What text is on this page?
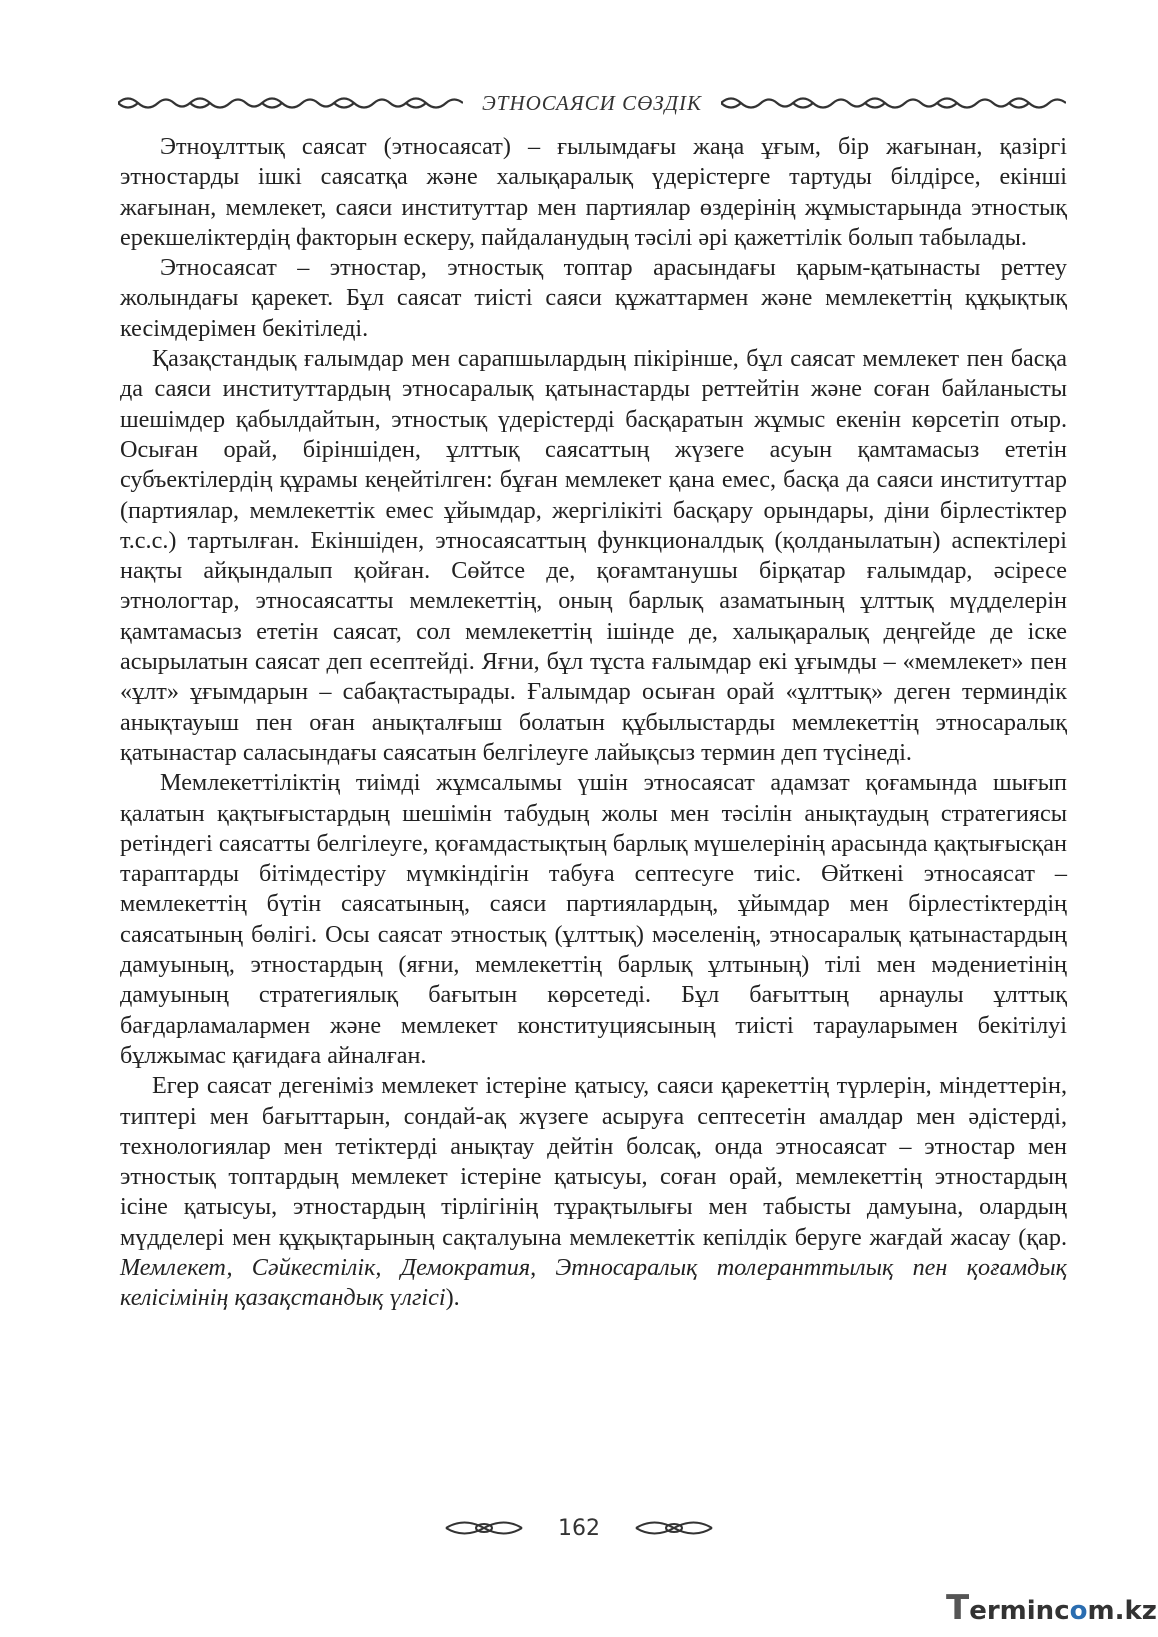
ЭТНОСАЯСИ СӨЗДІК

Этноұлттық саясат (этносаясат) – ғылымдағы жаңа ұғым, бір жағынан, қазіргі этностарды ішкі саясатқа және халықаралық үдерістерге тартуды білдірсе, екінші жағынан, мемлекет, саяси институттар мен партиялар өздерінің жұмыстарында этностық ерекшеліктердің факторын ескеру, пайдаланудың тәсілі әрі қажеттілік болып табылады.

Этносаясат – этностар, этностық топтар арасындағы қарым-қатынасты реттеу жолындағы қарекет. Бұл саясат тиісті саяси құжаттармен және мемлекеттің құқықтық кесімдерімен бекітіледі.

Қазақстандық ғалымдар мен сарапшылардың пікірінше, бұл саясат мемлекет пен басқа да саяси институттардың этносаралық қатынастарды реттейтін және соған байланысты шешімдер қабылдайтын, этностық үдерістерді басқаратын жұмыс екенін көрсетіп отыр. Осыған орай, біріншіден, ұлттық саясаттың жүзеге асуын қамтамасыз ететін субъектілердің құрамы кеңейтілген: бұған мемлекет қана емес, басқа да саяси институттар (партиялар, мемлекеттік емес ұйымдар, жергілікіті басқару орындары, діни бірлестіктер т.с.с.) тартылған. Екіншіден, этносаясаттың функционалдық (қолданылатын) аспектілері нақты айқындалып қойған. Сөйтсе де, қоғамтанушы бірқатар ғалымдар, әсіресе этнологтар, этносаясатты мемлекеттің, оның барлық азаматының ұлттық мүдделерін қамтамасыз ететін саясат, сол мемлекеттің ішінде де, халықаралық деңгейде де іске асырылатын саясат деп есептейді. Яғни, бұл тұста ғалымдар екі ұғымды – «мемлекет» пен «ұлт» ұғымдарын – сабақтастырады. Ғалымдар осыған орай «ұлттық» деген терминдік анықтауыш пен оған анықталғыш болатын құбылыстарды мемлекеттің этносаралық қатынастар саласындағы саясатын белгілеуге лайықсыз термин деп түсінеді.

Мемлекеттіліктің тиімді жұмсалымы үшін этносаясат адамзат қоғамында шығып қалатын қақтығыстардың шешімін табудың жолы мен тәсілін анықтаудың стратегиясы ретіндегі саясатты белгілеуге, қоғамдастықтың барлық мүшелерінің арасында қақтығысқан тараптарды бітімдестіру мүмкіндігін табуға септесуге тиіс. Өйткені этносаясат – мемлекеттің бүтін саясатының, саяси партиялардың, ұйымдар мен бірлестіктердің саясатының бөлігі. Осы саясат этностық (ұлттық) мәселенің, этносаралық қатынастардың дамуының, этностардың (яғни, мемлекеттің барлық ұлтының) тілі мен мәдениетінің дамуының стратегиялық бағытын көрсетеді. Бұл бағыттың арнаулы ұлттық бағдарламалармен және мемлекет конституциясының тиісті тарауларымен бекітілуі бұлжымас қағидаға айналған.

Егер саясат дегеніміз мемлекет істеріне қатысу, саяси қарекеттің түрлерін, міндеттерін, типтері мен бағыттарын, сондай-ақ жүзеге асыруға септесетін амалдар мен әдістерді, технологиялар мен тетіктерді анықтау дейтін болсақ, онда этносаясат – этностар мен этностық топтардың мемлекет істеріне қатысуы, соған орай, мемлекеттің этностардың ісіне қатысуы, этностардың тірлігінің тұрақтылығы мен табысты дамуына, олардың мүдделері мен құқықтарының сақталуына мемлекеттік кепілдік беруге жағдай жасау (қар. Мемлекет, Сәйкестілік, Демократия, Этносаралық толеранттылық пен қоғамдық келісімінің қазақстандық үлгісі).

162
T ermin c o m.kz
